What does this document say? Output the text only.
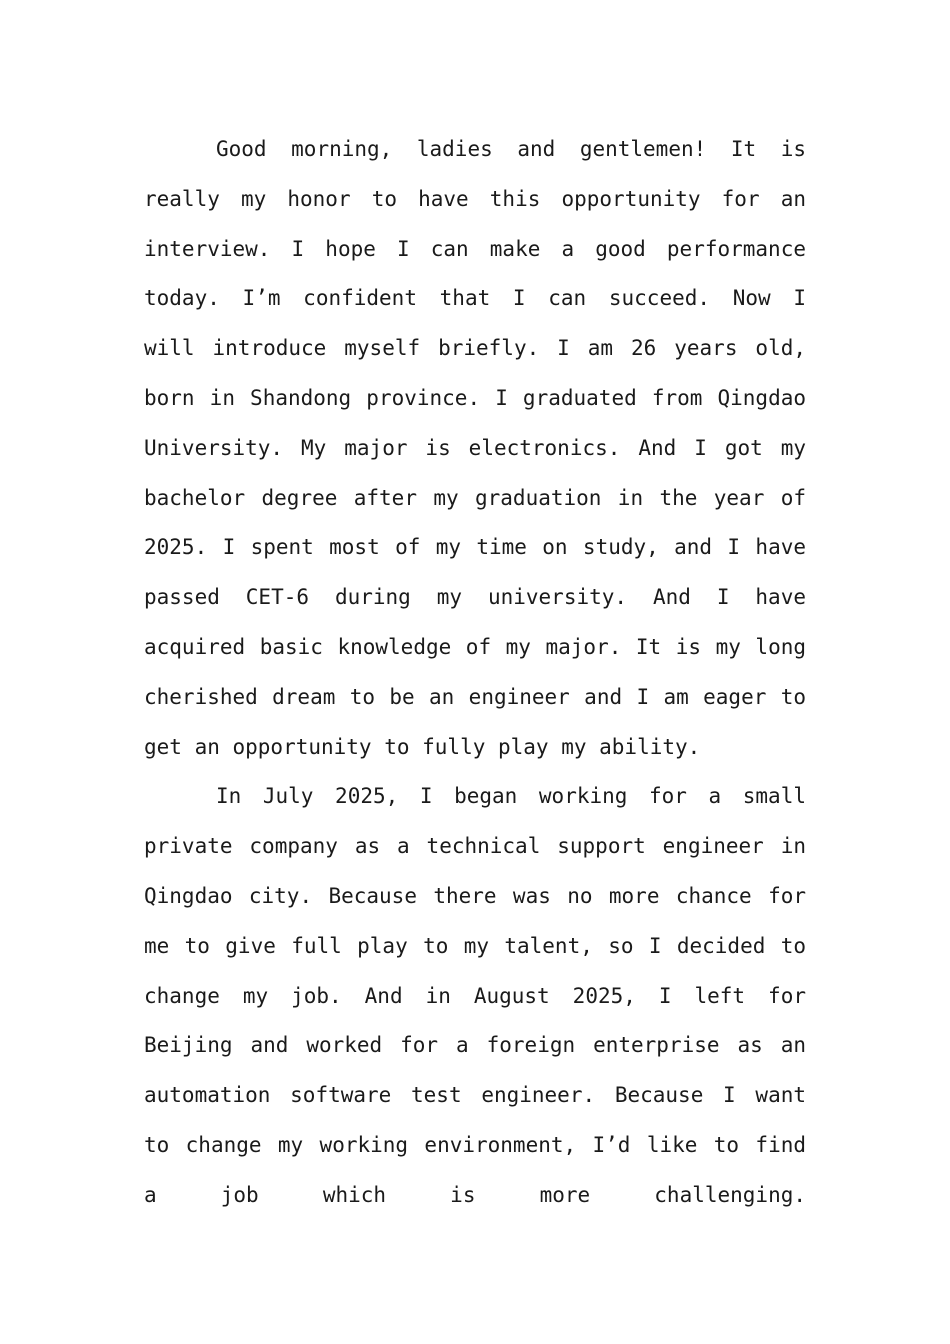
Good morning, ladies and gentlemen! It is
really my honor to have this opportunity for an
interview. I hope I can make a good performance
today. I’m confident that I can succeed. Now I
will introduce myself briefly. I am 26 years old,
born in Shandong province. I graduated from Qingdao
University. My major is electronics. And I got my
bachelor degree after my graduation in the year of
2025. I spent most of my time on study, and I have
passed CET-6 during my university. And I have
acquired basic knowledge of my major. It is my long
cherished dream to be an engineer and I am eager to
get an opportunity to fully play my ability.
In July 2025, I began working for a small
private company as a technical support engineer in
Qingdao city. Because there was no more chance for
me to give full play to my talent, so I decided to
change my job. And in August 2025, I left for
Beijing and worked for a foreign enterprise as an
automation software test engineer. Because I want
to change my working environment, I’d like to find
a job which is more challenging.
